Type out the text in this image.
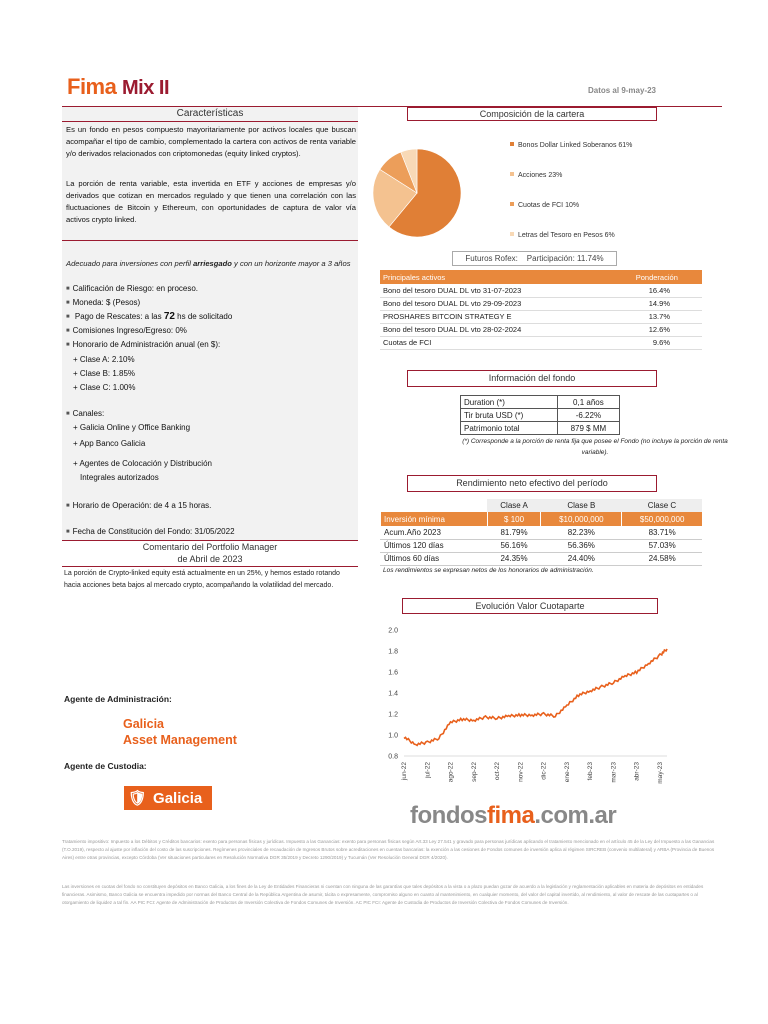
Fima Mix II	Datos al 9-may-23
Características
Es un fondo en pesos compuesto mayoritariamente por activos locales que buscan acompañar el tipo de cambio, complementado la cartera con activos de renta variable y/o derivados relacionados con criptomonedas (equity linked cryptos).
La porción de renta variable, esta invertida en ETF y acciones de empresas y/o derivados que cotizan en mercados regulado y que tienen una correlación con las fluctuaciones de Bitcoin y Ethereum, con oportunidades de captura de valor vía activos crypto linked.
Adecuado para inversiones con perfil arriesgado y con un horizonte mayor a 3 años
■ Calificación de Riesgo: en proceso.
■ Moneda: $ (Pesos)
■ Pago de Rescates: a las 72 hs de solicitado
■ Comisiones Ingreso/Egreso: 0%
■ Honorario de Administración anual (en $):
+ Clase A: 2.10%
+ Clase B: 1.85%
+ Clase C: 1.00%
■ Canales:
+ Galicia Online y Office Banking
+ App Banco Galicia
+ Agentes de Colocación y Distribución
Integrales autorizados
■ Horario de Operación: de 4 a 15 horas.
■ Fecha de Constitución del Fondo: 31/05/2022
Comentario del Portfolio Manager
de Abril de 2023
La porción de Crypto-linked equity está actualmente en un 25%, y hemos estado rotando hacia acciones beta bajos al mercado crypto, acompañando la volatilidad del mercado.
Agente de Administración:
Galicia
Asset Management
Agente de Custodia:
🛡 Galicia
Composición de la cartera
Bonos Dollar Linked Soberanos 61%
Acciones 23%
Cuotas de FCI 10%
Letras del Tesoro en Pesos 6%
Futuros Rofex: Participación: 11.74%
Principales activos	Ponderación
Bono del tesoro DUAL DL vto 31-07-2023	16.4%
Bono del tesoro DUAL DL vto 29-09-2023	14.9%
PROSHARES BITCOIN STRATEGY E	13.7%
Bono del tesoro DUAL DL vto 28-02-2024	12.6%
Cuotas de FCI	9.6%
Información del fondo
Duration (*)	0,1 años
Tir bruta USD (*)	-6.22%
Patrimonio total	879 $ MM
(*) Corresponde a la porción de renta fija que posee el Fondo (no incluye la porción de renta variable).
Rendimiento neto efectivo del período
	Clase A	Clase B	Clase C
Inversión mínima	$ 100	$10,000,000	$50,000,000
Acum.Año 2023	81.79%	82.23%	83.71%
Últimos 120 días	56.16%	56.36%	57.03%
Últimos 60 días	24.35%	24.40%	24.58%
Los rendimientos se expresan netos de los honorarios de administración.
Evolución Valor Cuotaparte
0.8
1.0
1.2
1.4
1.6
1.8
2.0
jun-22	jul-22	ago-22	sep-22	oct-22	nov-22	dic-22	ene-23	feb-23	mar-23	abr-23	may-23
fondosfima.com.ar
Tratamiento impositivo: Impuesto a los Débitos y Créditos bancarios: exento para personas físicas y jurídicas. Impuesto a las Ganancias: exento para personas físicas según Art.33 Ley 27.541 y gravado para personas jurídicas aplicando el tratamiento mencionado en el artículo 45 de la Ley del Impuesto a las Ganancias (T.O.2019), respecto al ajuste por inflación del costo de las suscripciones. Regímenes provinciales de recaudación de Ingresos Brutos sobre acreditaciones en cuentas bancarias: la exención a las cesiones de Fondos comunes de inversión aplica al régimen SIRCREB (convenio multilateral) y ARBA (Provincia de Buenos Aires) entre otras provincias, excepto Córdoba (Ver situaciones particulares en Resolución Normativa DGR 35/2019 y Decreto 1290/2019) y Tucumán (Ver Resolución General DGR 4/2020).
Las inversiones en cuotas del fondo no constituyen depósitos en Banco Galicia, a los fines de la Ley de Entidades Financieras ni cuentan con ninguna de las garantías que tales depósitos a la vista o a plazo puedan gozar de acuerdo a la legislación y reglamentación aplicables en materia de depósitos en entidades financieras. Asimismo, Banco Galicia se encuentra impedido por normas del Banco Central de la República Argentina de asumir, tácita o expresamente, compromiso alguno en cuanto al mantenimiento, en cualquier momento, del valor del capital invertido, al rendimiento, al valor de rescate de las cuotapartes o al otorgamiento de liquidez a tal fin. AA PIC FCI: Agente de Administración de Productos de Inversión Colectiva de Fondos Comunes de Inversión. AC PIC FCI: Agente de Custodia de Productos de Inversión Colectiva de Fondos Comunes de Inversión.
